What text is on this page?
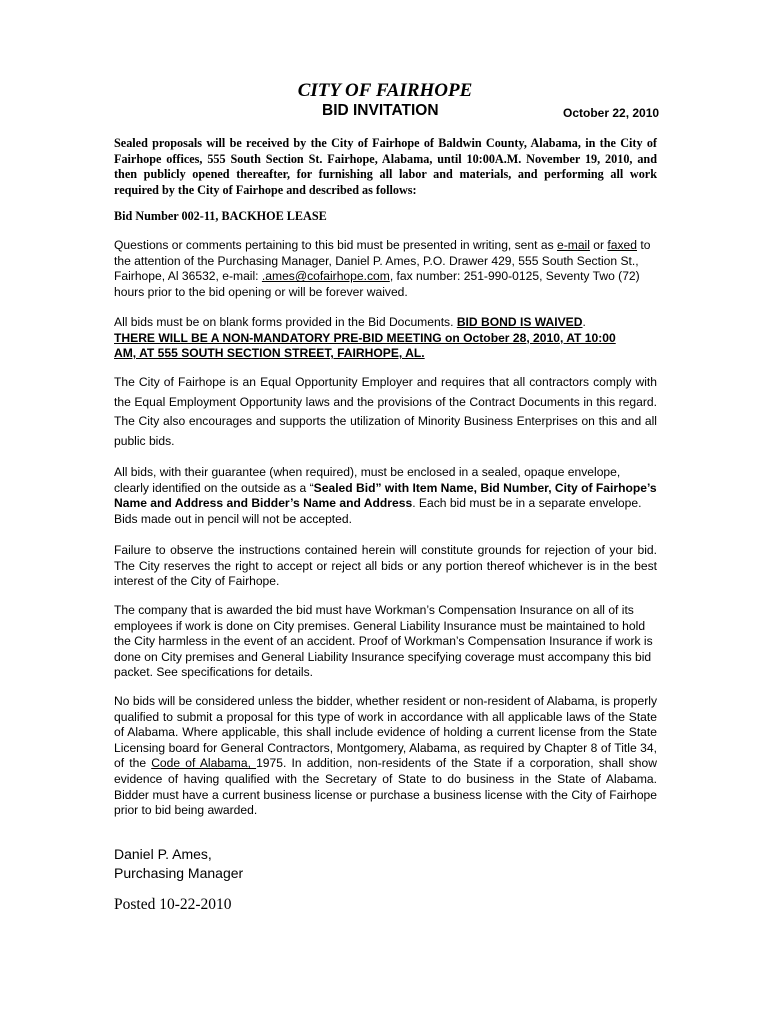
CITY OF FAIRHOPE
BID INVITATION	October 22, 2010

Sealed proposals will be received by the City of Fairhope of Baldwin County, Alabama, in the City of Fairhope offices, 555 South Section St. Fairhope, Alabama, until 10:00A.M. November 19, 2010, and then publicly opened thereafter, for furnishing all labor and materials, and performing all work required by the City of Fairhope and described as follows:

Bid Number 002-11, BACKHOE LEASE

Questions or comments pertaining to this bid must be presented in writing, sent as e-mail or faxed to the attention of the Purchasing Manager, Daniel P. Ames, P.O. Drawer 429, 555 South Section St., Fairhope, Al 36532, e-mail: .ames@cofairhope.com, fax number: 251-990-0125, Seventy Two (72) hours prior to the bid opening or will be forever waived.

All bids must be on blank forms provided in the Bid Documents. BID BOND IS WAIVED.
THERE WILL BE A NON-MANDATORY PRE-BID MEETING on October 28, 2010, AT 10:00
AM, AT 555 SOUTH SECTION STREET, FAIRHOPE, AL.

The City of Fairhope is an Equal Opportunity Employer and requires that all contractors comply with the Equal Employment Opportunity laws and the provisions of the Contract Documents in this regard. The City also encourages and supports the utilization of Minority Business Enterprises on this and all public bids.

All bids, with their guarantee (when required), must be enclosed in a sealed, opaque envelope, clearly identified on the outside as a “Sealed Bid” with Item Name, Bid Number, City of Fairhope’s Name and Address and Bidder’s Name and Address. Each bid must be in a separate envelope. Bids made out in pencil will not be accepted.

Failure to observe the instructions contained herein will constitute grounds for rejection of your bid. The City reserves the right to accept or reject all bids or any portion thereof whichever is in the best interest of the City of Fairhope.

The company that is awarded the bid must have Workman’s Compensation Insurance on all of its employees if work is done on City premises. General Liability Insurance must be maintained to hold the City harmless in the event of an accident. Proof of Workman’s Compensation Insurance if work is done on City premises and General Liability Insurance specifying coverage must accompany this bid packet. See specifications for details.

No bids will be considered unless the bidder, whether resident or non-resident of Alabama, is properly qualified to submit a proposal for this type of work in accordance with all applicable laws of the State of Alabama. Where applicable, this shall include evidence of holding a current license from the State Licensing board for General Contractors, Montgomery, Alabama, as required by Chapter 8 of Title 34, of the Code of Alabama, 1975. In addition, non-residents of the State if a corporation, shall show evidence of having qualified with the Secretary of State to do business in the State of Alabama. Bidder must have a current business license or purchase a business license with the City of Fairhope prior to bid being awarded.

Daniel P. Ames,
Purchasing Manager
Posted 10-22-2010
